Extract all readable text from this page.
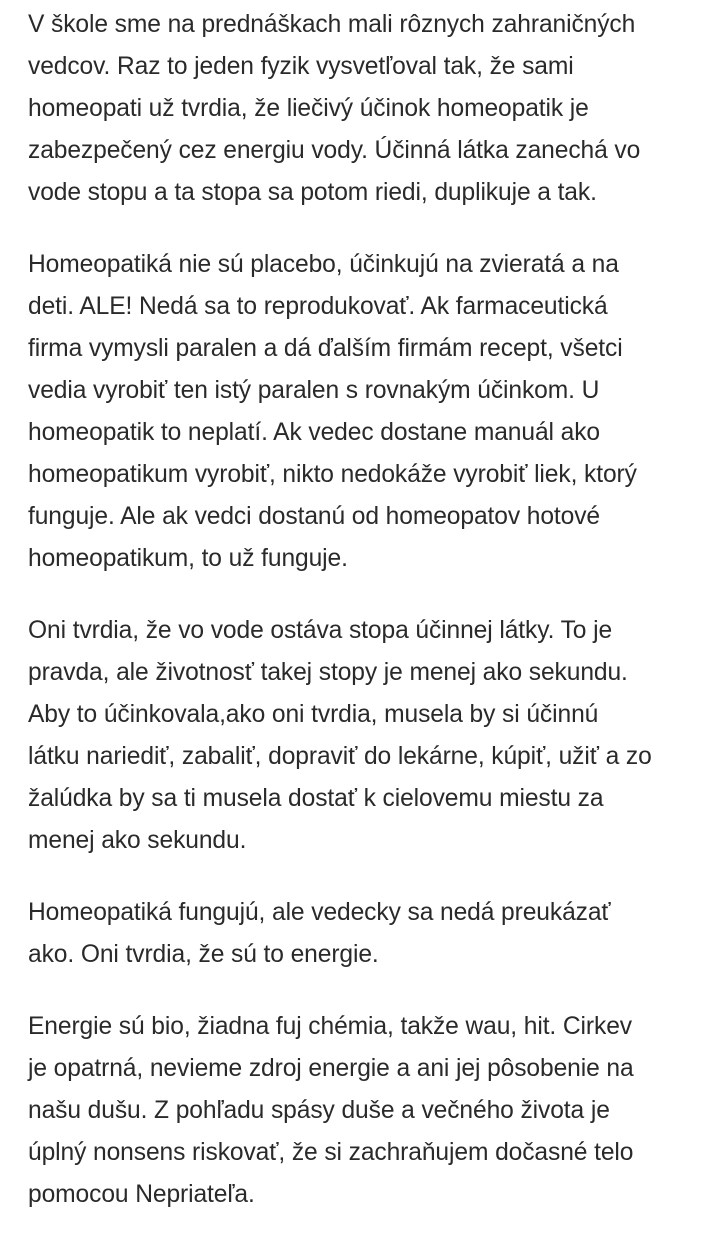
V škole sme na prednáškach mali rôznych zahraničných
vedcov. Raz to jeden fyzik vysvetľoval tak, že sami
homeopati už tvrdia, že liečivý účinok homeopatik je
zabezpečený cez energiu vody. Účinná látka zanechá vo
vode stopu a ta stopa sa potom riedi, duplikuje a tak.

Homeopatiká nie sú placebo, účinkujú na zvieratá a na
deti. ALE! Nedá sa to reprodukovať. Ak farmaceutická
firma vymysli paralen a dá ďalším firmám recept, všetci
vedia vyrobiť ten istý paralen s rovnakým účinkom. U
homeopatik to neplatí. Ak vedec dostane manuál ako
homeopatikum vyrobiť, nikto nedokáže vyrobiť liek, ktorý
funguje. Ale ak vedci dostanú od homeopatov hotové
homeopatikum, to už funguje.

Oni tvrdia, že vo vode ostáva stopa účinnej látky. To je
pravda, ale životnosť takej stopy je menej ako sekundu.
Aby to účinkovala,ako oni tvrdia, musela by si účinnú
látku nariediť, zabaliť, dopraviť do lekárne, kúpiť, užiť a zo
žalúdka by sa ti musela dostať k cielovemu miestu za
menej ako sekundu.

Homeopatiká fungujú, ale vedecky sa nedá preukázať
ako. Oni tvrdia, že sú to energie.

Energie sú bio, žiadna fuj chémia, takže wau, hit. Cirkev
je opatrná, nevieme zdroj energie a ani jej pôsobenie na
našu dušu. Z pohľadu spásy duše a večného života je
úplný nonsens riskovať, že si zachraňujem dočasné telo
pomocou Nepriateľa.
